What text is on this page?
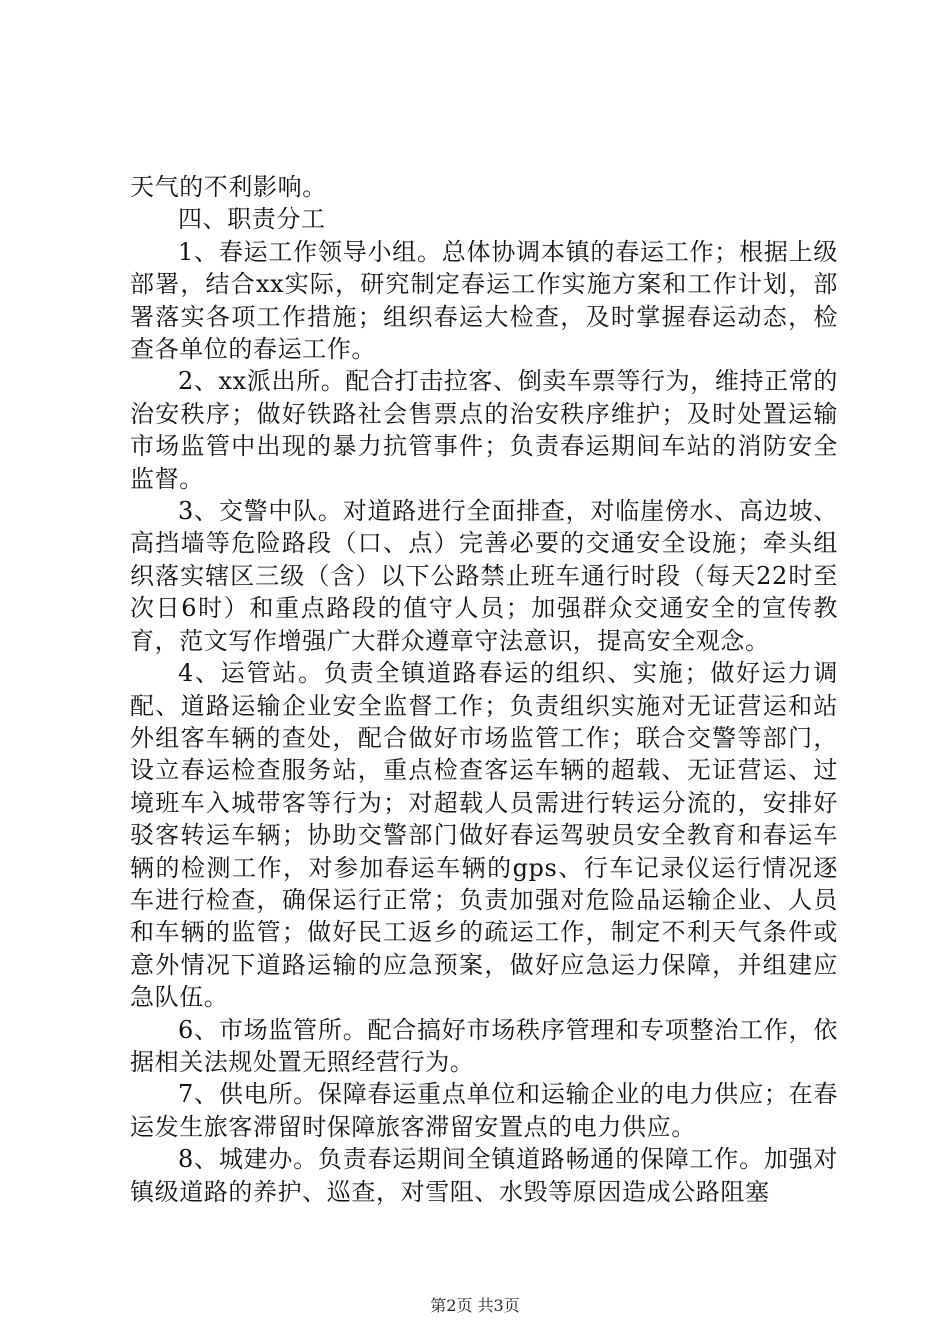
天气的不利影响。

四、职责分工

1、春运工作领导小组。总体协调本镇的春运工作；根据上级部署，结合xx实际，研究制定春运工作实施方案和工作计划，部署落实各项工作措施；组织春运大检查，及时掌握春运动态，检查各单位的春运工作。

2、xx派出所。配合打击拉客、倒卖车票等行为，维持正常的治安秩序；做好铁路社会售票点的治安秩序维护；及时处置运输市场监管中出现的暴力抗管事件；负责春运期间车站的消防安全监督。

3、交警中队。对道路进行全面排查，对临崖傍水、高边坡、高挡墙等危险路段（口、点）完善必要的交通安全设施；牵头组织落实辖区三级（含）以下公路禁止班车通行时段（每天22时至次日6时）和重点路段的值守人员；加强群众交通安全的宣传教育，范文写作增强广大群众遵章守法意识，提高安全观念。

4、运管站。负责全镇道路春运的组织、实施；做好运力调配、道路运输企业安全监督工作；负责组织实施对无证营运和站外组客车辆的查处，配合做好市场监管工作；联合交警等部门，设立春运检查服务站，重点检查客运车辆的超载、无证营运、过境班车入城带客等行为；对超载人员需进行转运分流的，安排好驳客转运车辆；协助交警部门做好春运驾驶员安全教育和春运车辆的检测工作，对参加春运车辆的gps、行车记录仪运行情况逐车进行检查，确保运行正常；负责加强对危险品运输企业、人员和车辆的监管；做好民工返乡的疏运工作，制定不利天气条件或意外情况下道路运输的应急预案，做好应急运力保障，并组建应急队伍。

6、市场监管所。配合搞好市场秩序管理和专项整治工作，依据相关法规处置无照经营行为。

7、供电所。保障春运重点单位和运输企业的电力供应；在春运发生旅客滞留时保障旅客滞留安置点的电力供应。

8、城建办。负责春运期间全镇道路畅通的保障工作。加强对镇级道路的养护、巡查，对雪阻、水毁等原因造成公路阻塞

第2页 共3页
